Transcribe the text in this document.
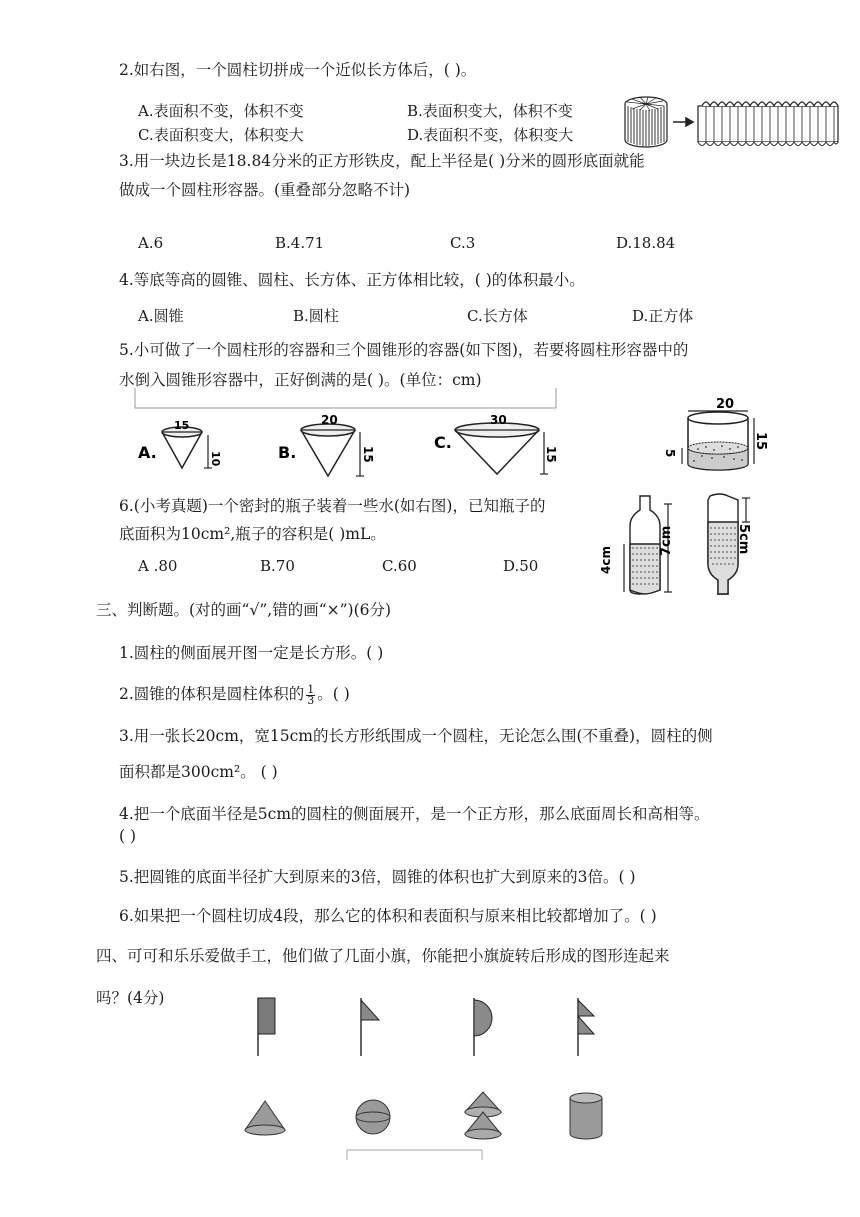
2.如右图，一个圆柱切拼成一个近似长方体后，( )。
A.表面积不变，体积不变	B.表面积变大，体积不变
C.表面积变大，体积变大	D.表面积不变，体积变大
3.用一块边长是18.84分米的正方形铁皮，配上半径是( )分米的圆形底面就能
做成一个圆柱形容器。(重叠部分忽略不计)
A.6	B.4.71	C.3	D.18.84
4.等底等高的圆锥、圆柱、长方体、正方体相比较，( )的体积最小。
A.圆锥	B.圆柱	C.长方体	D.正方体
5.小可做了一个圆柱形的容器和三个圆锥形的容器(如下图)，若要将圆柱形容器中的
水倒入圆锥形容器中，正好倒满的是( )。(单位：cm)
A.
15
10	B.
20
15
C.
30
15
20
15
5
6.(小考真题)一个密封的瓶子装着一些水(如右图)，已知瓶子的
底面积为10cm²,瓶子的容积是( )mL。
A .80	B.70	C.60	D.50	4cm
7cm	5cm
三、判断题。(对的画“√”,错的画“×”)(6分)
1.圆柱的侧面展开图一定是长方形。( )
2.圆锥的体积是圆柱体积的 $\frac{1}{3}$ 。( )
3.用一张长20cm，宽15cm的长方形纸围成一个圆柱，无论怎么围(不重叠)，圆柱的侧
面积都是300cm²。 ( )
4.把一个底面半径是5cm的圆柱的侧面展开，是一个正方形，那么底面周长和高相等。
( )
5.把圆锥的底面半径扩大到原来的3倍，圆锥的体积也扩大到原来的3倍。( )
6.如果把一个圆柱切成4段，那么它的体积和表面积与原来相比较都增加了。( )
四、可可和乐乐爱做手工，他们做了几面小旗，你能把小旗旋转后形成的图形连起来
吗？(4分)
